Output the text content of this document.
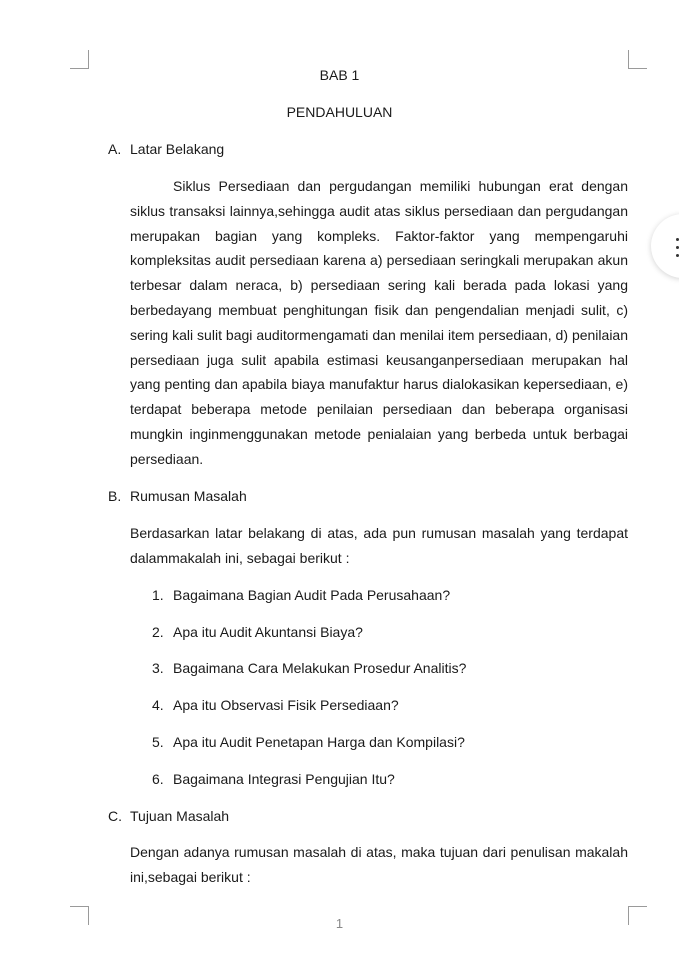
BAB 1
PENDAHULUAN
A. Latar Belakang

Siklus Persediaan dan pergudangan memiliki hubungan erat dengan siklus transaksi lainnya,sehingga audit atas siklus persediaan dan pergudangan merupakan bagian yang kompleks. Faktor-faktor yang mempengaruhi kompleksitas audit persediaan karena a) persediaan seringkali merupakan akun terbesar dalam neraca, b) persediaan sering kali berada pada lokasi yang berbedayang membuat penghitungan fisik dan pengendalian menjadi sulit, c) sering kali sulit bagi auditormengamati dan menilai item persediaan, d) penilaian persediaan juga sulit apabila estimasi keusanganpersediaan merupakan hal yang penting dan apabila biaya manufaktur harus dialokasikan kepersediaan, e) terdapat beberapa metode penilaian persediaan dan beberapa organisasi mungkin inginmenggunakan metode penialaian yang berbeda untuk berbagai persediaan.

B. Rumusan Masalah

Berdasarkan latar belakang di atas, ada pun rumusan masalah yang terdapat dalammakalah ini, sebagai berikut :

1. Bagaimana Bagian Audit Pada Perusahaan?
2. Apa itu Audit Akuntansi Biaya?
3. Bagaimana Cara Melakukan Prosedur Analitis?
4. Apa itu Observasi Fisik Persediaan?
5. Apa itu Audit Penetapan Harga dan Kompilasi?
6. Bagaimana Integrasi Pengujian Itu?
C. Tujuan Masalah

Dengan adanya rumusan masalah di atas, maka tujuan dari penulisan makalah ini,sebagai berikut :

1
